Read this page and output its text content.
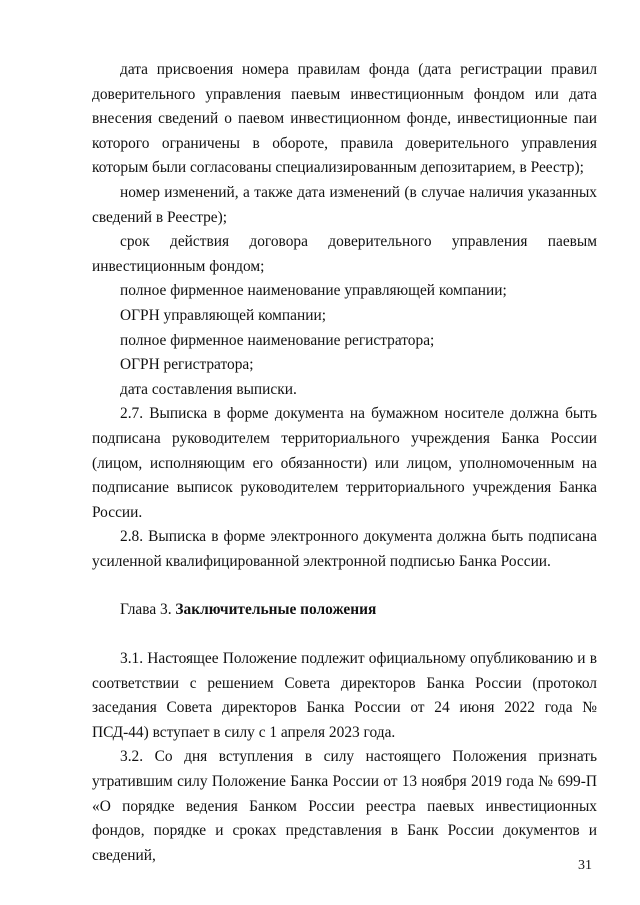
дата присвоения номера правилам фонда (дата регистрации правил доверительного управления паевым инвестиционным фондом или дата внесения сведений о паевом инвестиционном фонде, инвестиционные паи которого ограничены в обороте, правила доверительного управления которым были согласованы специализированным депозитарием, в Реестр);

номер изменений, а также дата изменений (в случае наличия указанных сведений в Реестре);

срок действия договора доверительного управления паевым инвестиционным фондом;

полное фирменное наименование управляющей компании;

ОГРН управляющей компании;

полное фирменное наименование регистратора;

ОГРН регистратора;

дата составления выписки.

2.7. Выписка в форме документа на бумажном носителе должна быть подписана руководителем территориального учреждения Банка России (лицом, исполняющим его обязанности) или лицом, уполномоченным на подписание выписок руководителем территориального учреждения Банка России.

2.8. Выписка в форме электронного документа должна быть подписана усиленной квалифицированной электронной подписью Банка России.

Глава 3. Заключительные положения

3.1. Настоящее Положение подлежит официальному опубликованию и в соответствии с решением Совета директоров Банка России (протокол заседания Совета директоров Банка России от 24 июня 2022 года № ПСД-44) вступает в силу с 1 апреля 2023 года.

3.2. Со дня вступления в силу настоящего Положения признать утратившим силу Положение Банка России от 13 ноября 2019 года № 699-П «О порядке ведения Банком России реестра паевых инвестиционных фондов, порядке и сроках представления в Банк России документов и сведений,

31
